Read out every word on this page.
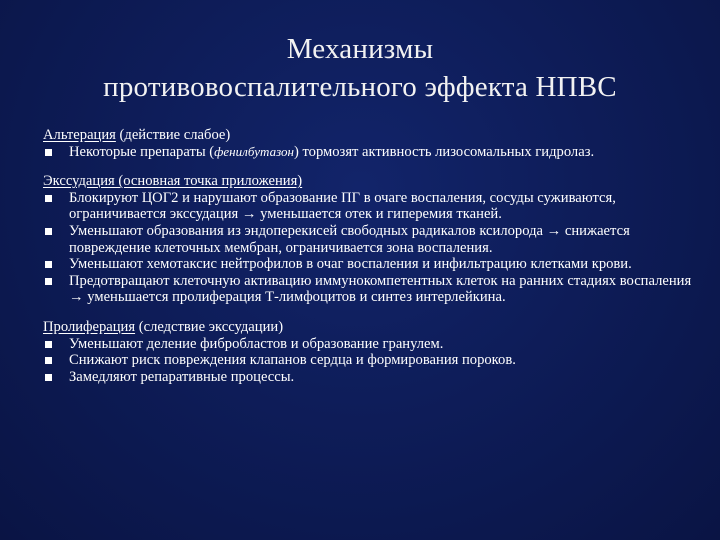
Механизмы
противовоспалительного эффекта НПВС
Альтерация (действие слабое)
Некоторые препараты (фенилбутазон) тормозят активность лизосомальных гидролаз.
Экссудация (основная точка приложения)
Блокируют ЦОГ2 и нарушают образование ПГ в очаге воспаления, сосуды суживаются, ограничивается экссудация → уменьшается отек и гиперемия тканей.
Уменьшают образования из эндоперекисей свободных радикалов ксилорода → снижается повреждение клеточных мембран, ограничивается зона воспаления.
Уменьшают хемотаксис нейтрофилов в очаг воспаления и инфильтрацию клетками крови.
Предотвращают клеточную активацию иммунокомпетентных клеток на ранних стадиях воспаления → уменьшается пролиферация Т-лимфоцитов и синтез интерлейкина.
Пролиферация (следствие экссудации)
Уменьшают деление фибробластов и образование гранулем.
Снижают риск повреждения клапанов сердца и формирования пороков.
Замедляют репаративные процессы.
